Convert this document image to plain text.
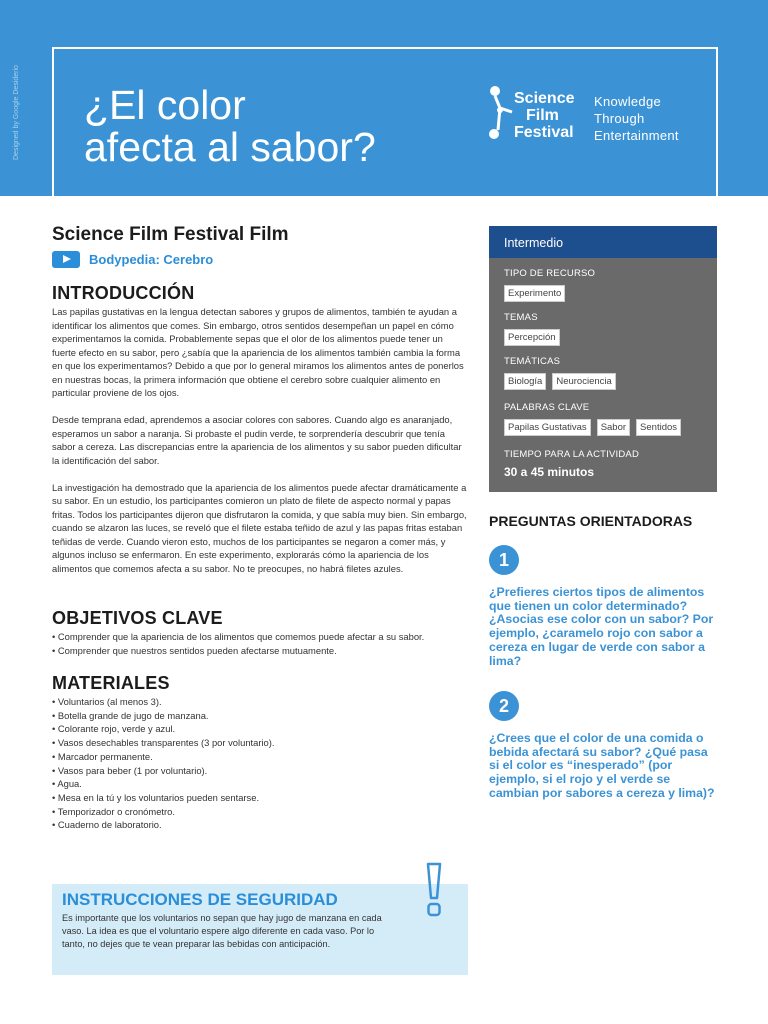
Designed by Google Desiderio ¿El color
afecta al sabor?
Science
Film
Festival
Knowledge
Through
Entertainment
Science Film Festival Film
Bodypedia: Cerebro
INTRODUCCIÓN

Las papilas gustativas en la lengua detectan sabores y grupos de alimentos, también te ayudan a identificar los alimentos que comes. Sin embargo, otros sentidos desempeñan un papel en cómo experimentamos la comida. Probablemente sepas que el olor de los alimentos puede tener un fuerte efecto en su sabor, pero ¿sabía que la apariencia de los alimentos también cambia la forma en que los experimentamos? Debido a que por lo general miramos los alimentos antes de ponerlos en nuestras bocas, la primera información que obtiene el cerebro sobre cualquier alimento en particular proviene de los ojos.

Desde temprana edad, aprendemos a asociar colores con sabores. Cuando algo es anaranjado, esperamos un sabor a naranja. Si probaste el pudin verde, te sorprendería descubrir que tenía sabor a cereza. Las discrepancias entre la apariencia de los alimentos y su sabor pueden dificultar la identificación del sabor.

La investigación ha demostrado que la apariencia de los alimentos puede afectar dramáticamente a su sabor. En un estudio, los participantes comieron un plato de filete de aspecto normal y papas fritas. Todos los participantes dijeron que disfrutaron la comida, y que sabía muy bien. Sin embargo, cuando se alzaron las luces, se reveló que el filete estaba teñido de azul y las papas fritas estaban teñidas de verde. Cuando vieron esto, muchos de los participantes se negaron a comer más, y algunos incluso se enfermaron. En este experimento, explorarás cómo la apariencia de los alimentos que comemos afecta a su sabor. No te preocupes, no habrá filetes azules.

OBJETIVOS CLAVE
• Comprender que la apariencia de los alimentos que comemos puede afectar a su sabor.
• Comprender que nuestros sentidos pueden afectarse mutuamente.
MATERIALES
• Voluntarios (al menos 3).
• Botella grande de jugo de manzana.
• Colorante rojo, verde y azul.
• Vasos desechables transparentes (3 por voluntario).
• Marcador permanente.
• Vasos para beber (1 por voluntario).
• Agua.
• Mesa en la tú y los voluntarios pueden sentarse.
• Temporizador o cronómetro.
• Cuaderno de laboratorio.
INSTRUCCIONES DE SEGURIDAD
Es importante que los voluntarios no sepan que hay jugo de manzana en cada vaso. La idea es que el voluntario espere algo diferente en cada vaso. Por lo tanto, no dejes que te vean preparar las bebidas con anticipación.
Intermedio
TIPO DE RECURSO
Experimento
TEMAS
Percepción
TEMÁTICAS
Biología	Neurociencia
PALABRAS CLAVE
Papilas Gustativas	Sabor	Sentidos
TIEMPO PARA LA ACTIVIDAD
30 a 45 minutos
PREGUNTAS ORIENTADORAS
1
¿Prefieres ciertos tipos de alimentos que tienen un color determinado? ¿Asocias ese color con un sabor? Por ejemplo, ¿caramelo rojo con sabor a cereza en lugar de verde con sabor a lima?
2
¿Crees que el color de una comida o bebida afectará su sabor? ¿Qué pasa si el color es “inesperado” (por ejemplo, si el rojo y el verde se cambian por sabores a cereza y lima)?
